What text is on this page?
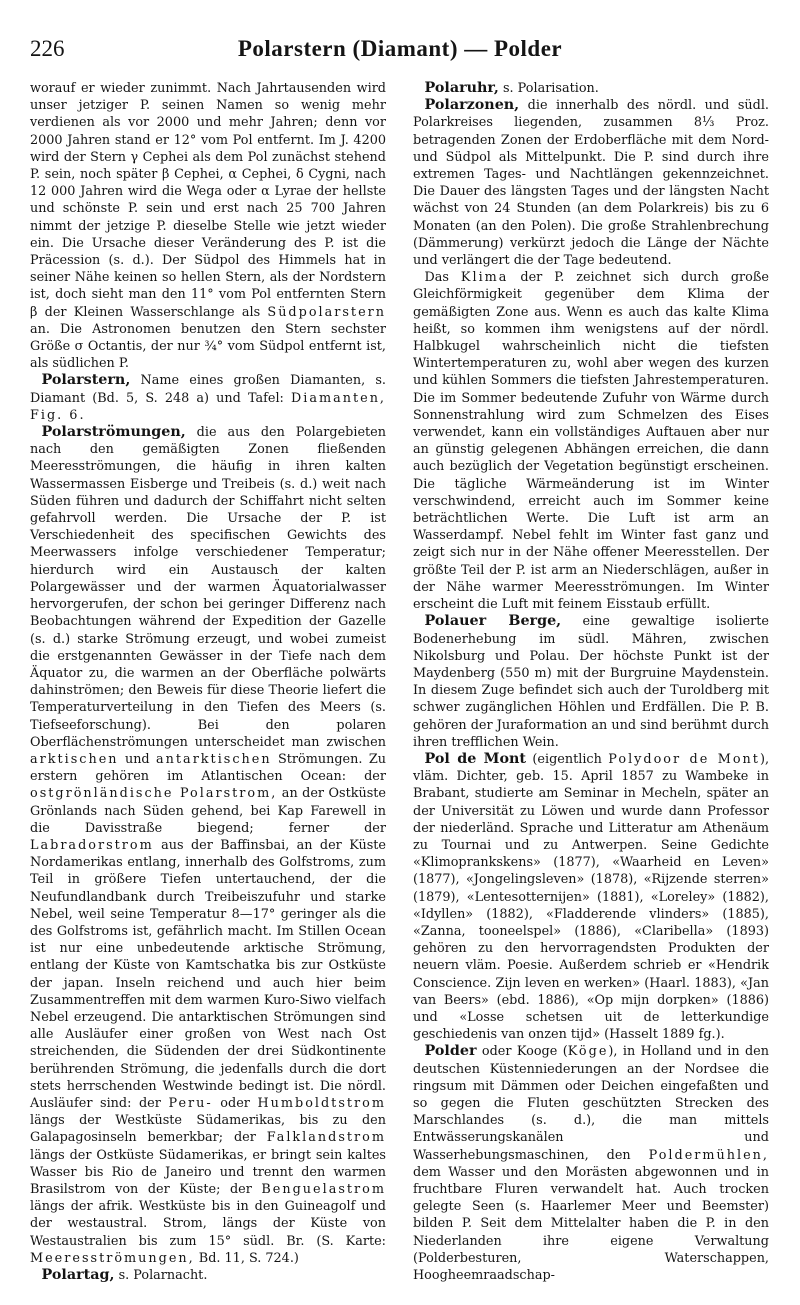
226	Polarstern (Diamant) — Polder

worauf er wieder zunimmt. Nach Jahrtausenden wird unser jetziger P. seinen Namen so wenig mehr verdienen als vor 2000 und mehr Jahren; denn vor 2000 Jahren stand er 12° vom Pol entfernt. Im J. 4200 wird der Stern γ Cephei als dem Pol zunächst stehend P. sein, noch später β Cephei, α Cephei, δ Cygni, nach 12 000 Jahren wird die Wega oder α Lyrae der hellste und schönste P. sein und erst nach 25 700 Jahren nimmt der jetzige P. dieselbe Stelle wie jetzt wieder ein. Die Ursache dieser Veränderung des P. ist die Präcession (s. d.). Der Südpol des Himmels hat in seiner Nähe keinen so hellen Stern, als der Nordstern ist, doch sieht man den 11° vom Pol entfernten Stern β der Kleinen Wasserschlange als Südpolarstern an. Die Astronomen benutzen den Stern sechster Größe σ Octantis, der nur ¾° vom Südpol entfernt ist, als südlichen P.

Polarstern, Name eines großen Diamanten, s. Diamant (Bd. 5, S. 248 a) und Tafel: Diamanten, Fig. 6.

Polarströmungen, die aus den Polargebieten nach den gemäßigten Zonen fließenden Meeresströmungen, die häufig in ihren kalten Wassermassen Eisberge und Treibeis (s. d.) weit nach Süden führen und dadurch der Schiffahrt nicht selten gefahrvoll werden. Die Ursache der P. ist Verschiedenheit des specifischen Gewichts des Meerwassers infolge verschiedener Temperatur; hierdurch wird ein Austausch der kalten Polargewässer und der warmen Äquatorialwasser hervorgerufen, der schon bei geringer Differenz nach Beobachtungen während der Expedition der Gazelle (s. d.) starke Strömung erzeugt, und wobei zumeist die erstgenannten Gewässer in der Tiefe nach dem Äquator zu, die warmen an der Oberfläche polwärts dahinströmen; den Beweis für diese Theorie liefert die Temperaturverteilung in den Tiefen des Meers (s. Tiefseeforschung). Bei den polaren Oberflächenströmungen unterscheidet man zwischen arktischen und antarktischen Strömungen. Zu erstern gehören im Atlantischen Ocean: der ostgrönländische Polarstrom, an der Ostküste Grönlands nach Süden gehend, bei Kap Farewell in die Davisstraße biegend; ferner der Labradorstrom aus der Baffinsbai, an der Küste Nordamerikas entlang, innerhalb des Golfstroms, zum Teil in größere Tiefen untertauchend, der die Neufundlandbank durch Treibeiszufuhr und starke Nebel, weil seine Temperatur 8—17° geringer als die des Golfstroms ist, gefährlich macht. Im Stillen Ocean ist nur eine unbedeutende arktische Strömung, entlang der Küste von Kamtschatka bis zur Ostküste der japan. Inseln reichend und auch hier beim Zusammentreffen mit dem warmen Kuro-Siwo vielfach Nebel erzeugend. Die antarktischen Strömungen sind alle Ausläufer einer großen von West nach Ost streichenden, die Südenden der drei Südkontinente berührenden Strömung, die jedenfalls durch die dort stets herrschenden Westwinde bedingt ist. Die nördl. Ausläufer sind: der Peru- oder Humboldtstrom längs der Westküste Südamerikas, bis zu den Galapagosinseln bemerkbar; der Falklandstrom längs der Ostküste Südamerikas, er bringt sein kaltes Wasser bis Rio de Janeiro und trennt den warmen Brasilstrom von der Küste; der Benguelastrom längs der afrik. Westküste bis in den Guineagolf und der westaustral. Strom, längs der Küste von Westaustralien bis zum 15° südl. Br. (S. Karte: Meeresströmungen, Bd. 11, S. 724.)

Polartag, s. Polarnacht.

Polaruhr, s. Polarisation.

Polarzonen, die innerhalb des nördl. und südl. Polarkreises liegenden, zusammen 8⅓ Proz. betragenden Zonen der Erdoberfläche mit dem Nord- und Südpol als Mittelpunkt. Die P. sind durch ihre extremen Tages- und Nachtlängen gekennzeichnet. Die Dauer des längsten Tages und der längsten Nacht wächst von 24 Stunden (an dem Polarkreis) bis zu 6 Monaten (an den Polen). Die große Strahlenbrechung (Dämmerung) verkürzt jedoch die Länge der Nächte und verlängert die der Tage bedeutend.

Das Klima der P. zeichnet sich durch große Gleichförmigkeit gegenüber dem Klima der gemäßigten Zone aus. Wenn es auch das kalte Klima heißt, so kommen ihm wenigstens auf der nördl. Halbkugel wahrscheinlich nicht die tiefsten Wintertemperaturen zu, wohl aber wegen des kurzen und kühlen Sommers die tiefsten Jahrestemperaturen. Die im Sommer bedeutende Zufuhr von Wärme durch Sonnenstrahlung wird zum Schmelzen des Eises verwendet, kann ein vollständiges Auftauen aber nur an günstig gelegenen Abhängen erreichen, die dann auch bezüglich der Vegetation begünstigt erscheinen. Die tägliche Wärmeänderung ist im Winter verschwindend, erreicht auch im Sommer keine beträchtlichen Werte. Die Luft ist arm an Wasserdampf. Nebel fehlt im Winter fast ganz und zeigt sich nur in der Nähe offener Meeresstellen. Der größte Teil der P. ist arm an Niederschlägen, außer in der Nähe warmer Meeresströmungen. Im Winter erscheint die Luft mit feinem Eisstaub erfüllt.

Polauer Berge, eine gewaltige isolierte Bodenerhebung im südl. Mähren, zwischen Nikolsburg und Polau. Der höchste Punkt ist der Maydenberg (550 m) mit der Burgruine Maydenstein. In diesem Zuge befindet sich auch der Turoldberg mit schwer zugänglichen Höhlen und Erdfällen. Die P. B. gehören der Juraformation an und sind berühmt durch ihren trefflichen Wein.

Pol de Mont (eigentlich Polydoor de Mont), vläm. Dichter, geb. 15. April 1857 zu Wambeke in Brabant, studierte am Seminar in Mecheln, später an der Universität zu Löwen und wurde dann Professor der niederländ. Sprache und Litteratur am Athenäum zu Tournai und zu Antwerpen. Seine Gedichte «Klimoprankskens» (1877), «Waarheid en Leven» (1877), «Jongelingsleven» (1878), «Rijzende sterren» (1879), «Lentesotternijen» (1881), «Loreley» (1882), «Idyllen» (1882), «Fladderende vlinders» (1885), «Zanna, tooneelspel» (1886), «Claribella» (1893) gehören zu den hervorragendsten Produkten der neuern vläm. Poesie. Außerdem schrieb er «Hendrik Conscience. Zijn leven en werken» (Haarl. 1883), «Jan van Beers» (ebd. 1886), «Op mijn dorpken» (1886) und «Losse schetsen uit de letterkundige geschiedenis van onzen tijd» (Hasselt 1889 fg.).

Polder oder Kooge (Köge), in Holland und in den deutschen Küstenniederungen an der Nordsee die ringsum mit Dämmen oder Deichen eingefaßten und so gegen die Fluten geschützten Strecken des Marschlandes (s. d.), die man mittels Entwässerungskanälen und Wasserhebungsmaschinen, den Poldermühlen, dem Wasser und den Morästen abgewonnen und in fruchtbare Fluren verwandelt hat. Auch trocken gelegte Seen (s. Haarlemer Meer und Beemster) bilden P. Seit dem Mittelalter haben die P. in den Niederlanden ihre eigene Verwaltung (Polderbesturen, Waterschappen, Hoogheemraadschap-
